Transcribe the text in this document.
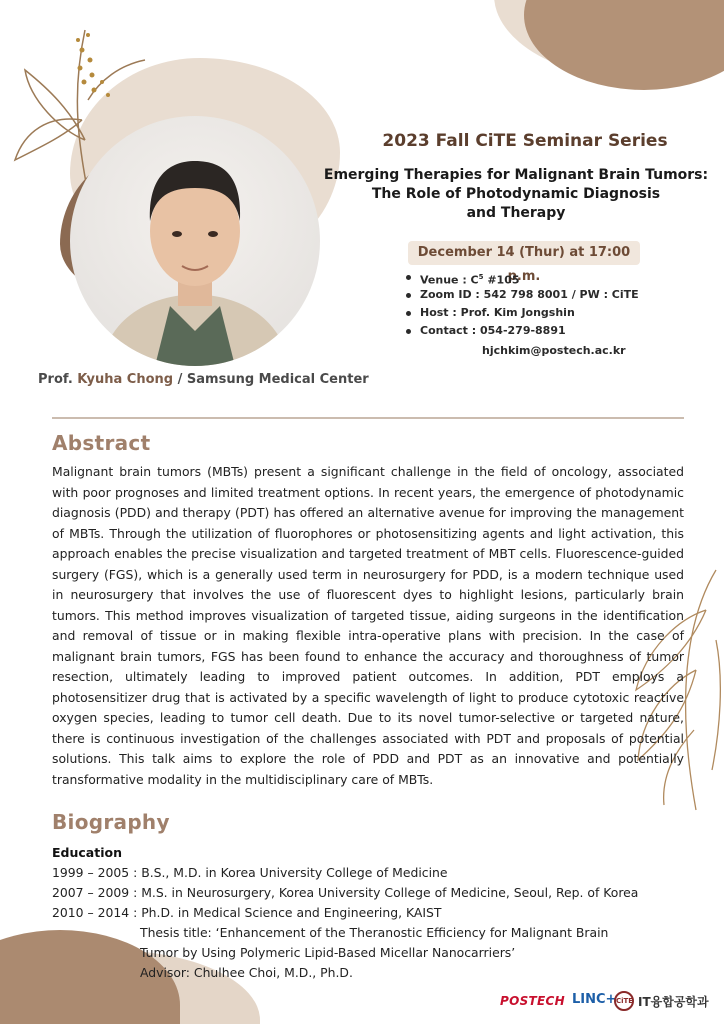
Prof. Kyuha Chong / Samsung Medical Center
2023 Fall CiTE Seminar Series
Emerging Therapies for Malignant Brain Tumors:
The Role of Photodynamic Diagnosis
and Therapy
December 14 (Thur) at 17:00 p.m.
Venue : $C^5$ #105
Zoom ID : 542 798 8001 / PW : CiTE
Host : Prof. Kim Jongshin
Contact : 054-279-8891
hjchkim@postech.ac.kr
Abstract

Malignant brain tumors (MBTs) present a significant challenge in the field of oncology, associated with poor prognoses and limited treatment options. In recent years, the emergence of photodynamic diagnosis (PDD) and therapy (PDT) has offered an alternative avenue for improving the management of MBTs. Through the utilization of fluorophores or photosensitizing agents and light activation, this approach enables the precise visualization and targeted treatment of MBT cells. Fluorescence-guided surgery (FGS), which is a generally used term in neurosurgery for PDD, is a modern technique used in neurosurgery that involves the use of fluorescent dyes to highlight lesions, particularly brain tumors. This method improves visualization of targeted tissue, aiding surgeons in the identification and removal of tissue or in making flexible intra-operative plans with precision. In the case of malignant brain tumors, FGS has been found to enhance the accuracy and thoroughness of tumor resection, ultimately leading to improved patient outcomes. In addition, PDT employs a photosensitizer drug that is activated by a specific wavelength of light to produce cytotoxic reactive oxygen species, leading to tumor cell death. Due to its novel tumor-selective or targeted nature, there is continuous investigation of the challenges associated with PDT and proposals of potential solutions. This talk aims to explore the role of PDD and PDT as an innovative and potentially transformative modality in the multidisciplinary care of MBTs.

Biography
Education
1999 – 2005 : B.S., M.D. in Korea University College of Medicine
2007 – 2009 : M.S. in Neurosurgery, Korea University College of Medicine, Seoul, Rep. of Korea
2010 – 2014 : Ph.D. in Medical Science and Engineering, KAIST
Thesis title: ‘Enhancement of the Theranostic Efficiency for Malignant Brain
Tumor by Using Polymeric Lipid-Based Micellar Nanocarriers’
Advisor: Chulhee Choi, M.D., Ph.D.
POSTECH LINC+ CiTE IT융합공학과
